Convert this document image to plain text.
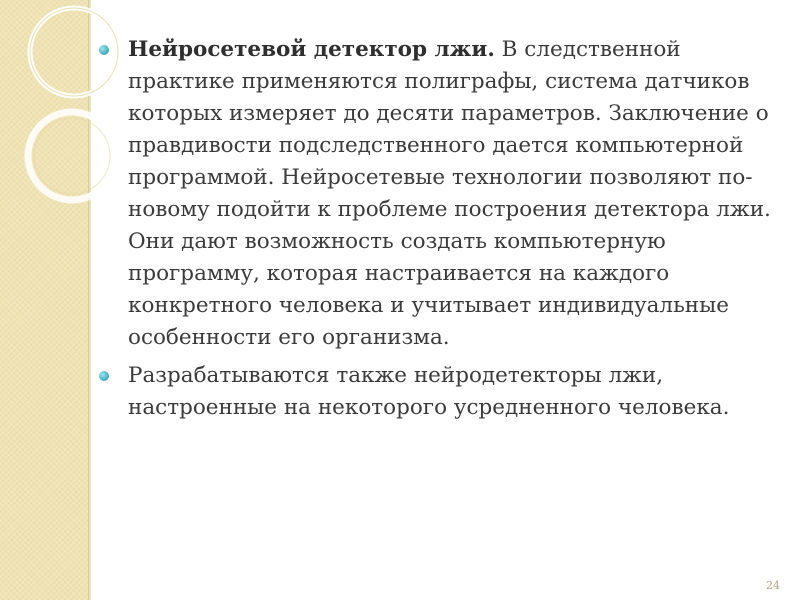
Нейросетевой детектор лжи. В следственной практике применяются полиграфы, система датчиков которых измеряет до десяти параметров. Заключение о правдивости подследственного дается компьютерной программой. Нейросетевые технологии позволяют по-новому подойти к проблеме построения детектора лжи. Они дают возможность создать компьютерную программу, которая настраивается на каждого конкретного человека и учитывает индивидуальные особенности его организма.

Разрабатываются также нейродетекторы лжи, настроенные на некоторого усредненного человека.

24
